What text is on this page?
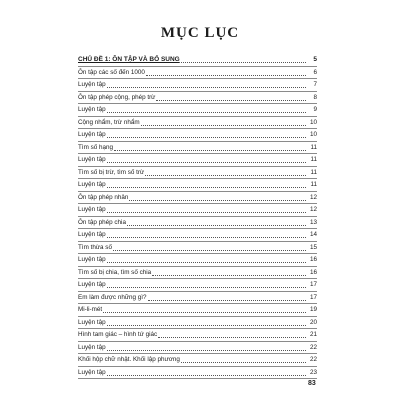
MỤC LỤC
CHỦ ĐỀ 1: ÔN TẬP VÀ BỔ SUNG	5
Ôn tập các số đến 1000	6
Luyện tập	7
Ôn tập phép cộng, phép trừ	8
Luyện tập	9
Cộng nhẩm, trừ nhẩm	10
Luyện tập	10
Tìm số hạng	11
Luyện tập	11
Tìm số bị trừ, tìm số trừ	11
Luyện tập	11
Ôn tập phép nhân	12
Luyện tập	12
Ôn tập phép chia	13
Luyện tập	14
Tìm thừa số	15
Luyện tập	16
Tìm số bị chia, tìm số chia	16
Luyện tập	17
Em làm được những gì?	17
Mi-li-mét	19
Luyện tập	20
Hình tam giác – hình tứ giác	21
Luyện tập	22
Khối hộp chữ nhật. Khối lập phương	22
Luyện tập	23
83
